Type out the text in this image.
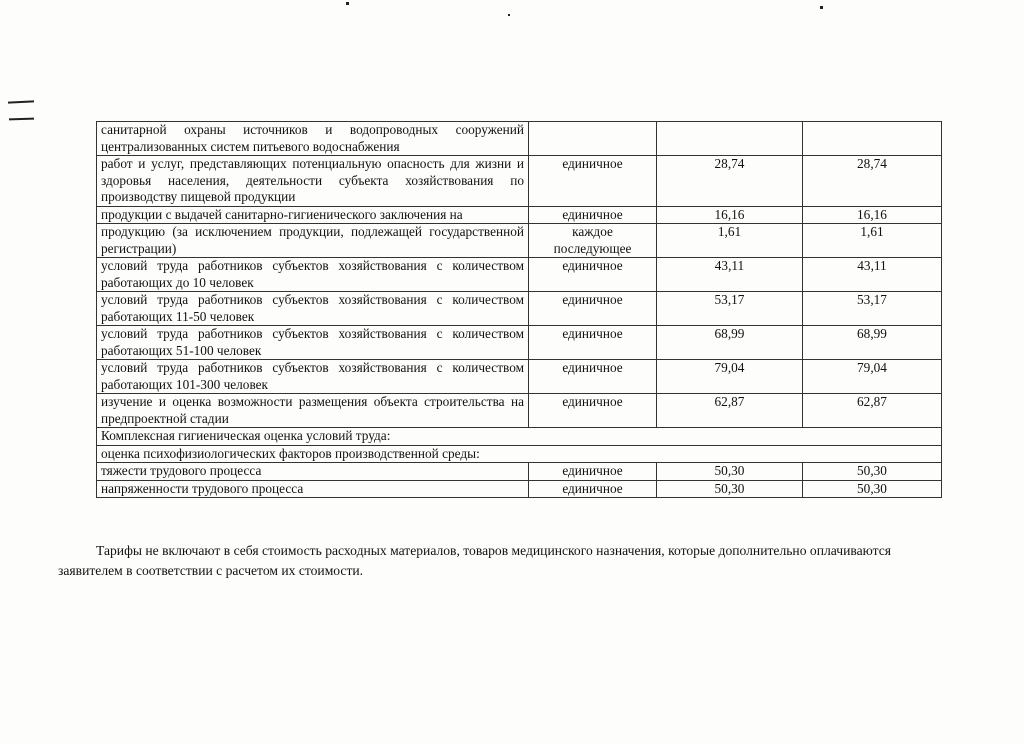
санитарной охраны источников и водопроводных сооружений централизованных систем питьевого водоснабжения			
работ и услуг, представляющих потенциальную опасность для жизни и здоровья населения, деятельности субъекта хозяйствования по производству пищевой продукции	единичное	28,74	28,74
продукции с выдачей санитарно-гигиенического заключения на	единичное	16,16	16,16
продукцию (за исключением продукции, подлежащей государственной регистрации)	каждое последующее	1,61	1,61
условий труда работников субъектов хозяйствования с количеством работающих до 10 человек	единичное	43,11	43,11
условий труда работников субъектов хозяйствования с количеством работающих 11-50 человек	единичное	53,17	53,17
условий труда работников субъектов хозяйствования с количеством работающих 51-100 человек	единичное	68,99	68,99
условий труда работников субъектов хозяйствования с количеством работающих 101-300 человек	единичное	79,04	79,04
изучение и оценка возможности размещения объекта строительства на предпроектной стадии	единичное	62,87	62,87
Комплексная гигиеническая оценка условий труда:			
оценка психофизиологических факторов производственной среды:			
тяжести трудового процесса	единичное	50,30	50,30
напряженности трудового процесса	единичное	50,30	50,30

Тарифы не включают в себя стоимость расходных материалов, товаров медицинского назначения, которые дополнительно оплачиваются заявителем в соответствии с расчетом их стоимости.
